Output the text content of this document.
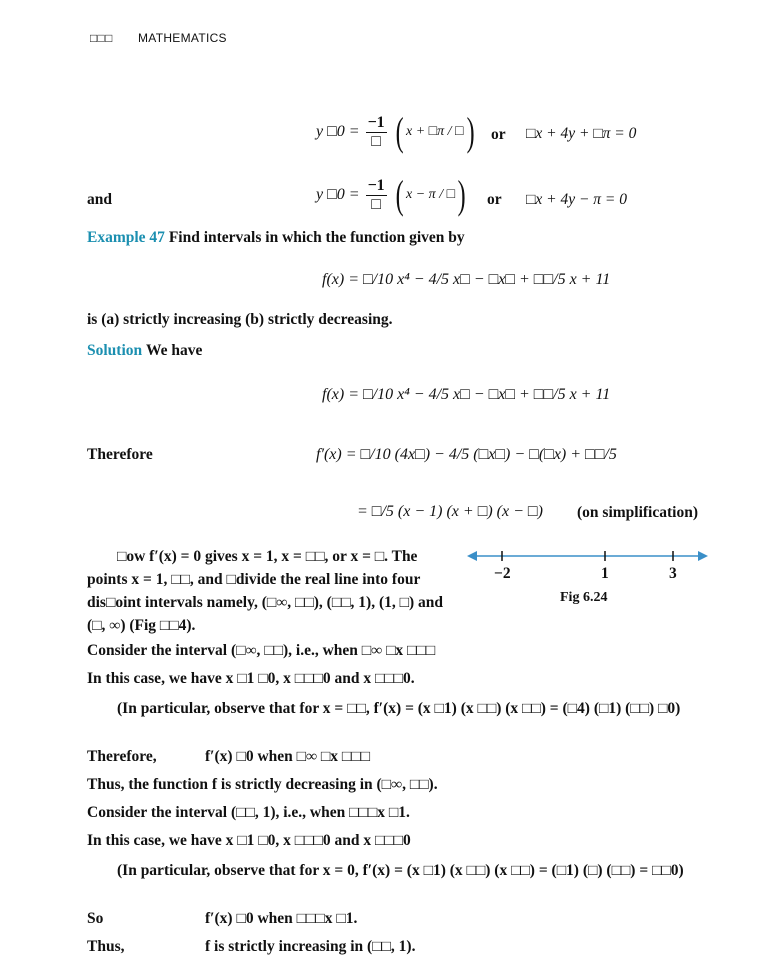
□□□ MATHEMATICS
y □0 = $\frac{-1}{□}$ ( x + □π / □) or □x + 4y + □π = 0
and	y □0 = $\frac{-1}{□}$ ( x − π / □) or □x + 4y − π = 0
Example 47 Find intervals in which the function given by
f(x) = □/10 x⁴ − 4/5 x□ − □x□ + □□/5 x + 11
is (a) strictly increasing (b) strictly decreasing.
Solution We have
f(x) = □/10 x⁴ − 4/5 x□ − □x□ + □□/5 x + 11
Therefore	f′(x) = □/10 (4x□) − 4/5 (□x□) − □(□x) + □□/5
= □/5 (x − 1) (x + □) (x − □) (on simplification)
−2	1	3
Fig 6.24
□ow f′(x) = 0 gives x = 1, x = □□, or x = □. The points x = 1, □□, and □divide the real line into four dis□oint intervals namely, (□∞, □□), (□□, 1), (1, □) and (□, ∞) (Fig □□4).
Consider the interval (□∞, □□), i.e., when □∞ □x □□□
In this case, we have x □1 □0, x □□□0 and x □□□0.
(In particular, observe that for x = □□, f′(x) = (x □1) (x □□) (x □□) = (□4) (□1) (□□) □0)
Therefore,	f′(x) □0 when □∞ □x □□□
Thus, the function f is strictly decreasing in (□∞, □□).
Consider the interval (□□, 1), i.e., when □□□x □1.
In this case, we have x □1 □0, x □□□0 and x □□□0
(In particular, observe that for x = 0, f′(x) = (x □1) (x □□) (x □□) = (□1) (□) (□□) = □□0)
So	f′(x) □0 when □□□x □1.
Thus,	f is strictly increasing in (□□, 1).
